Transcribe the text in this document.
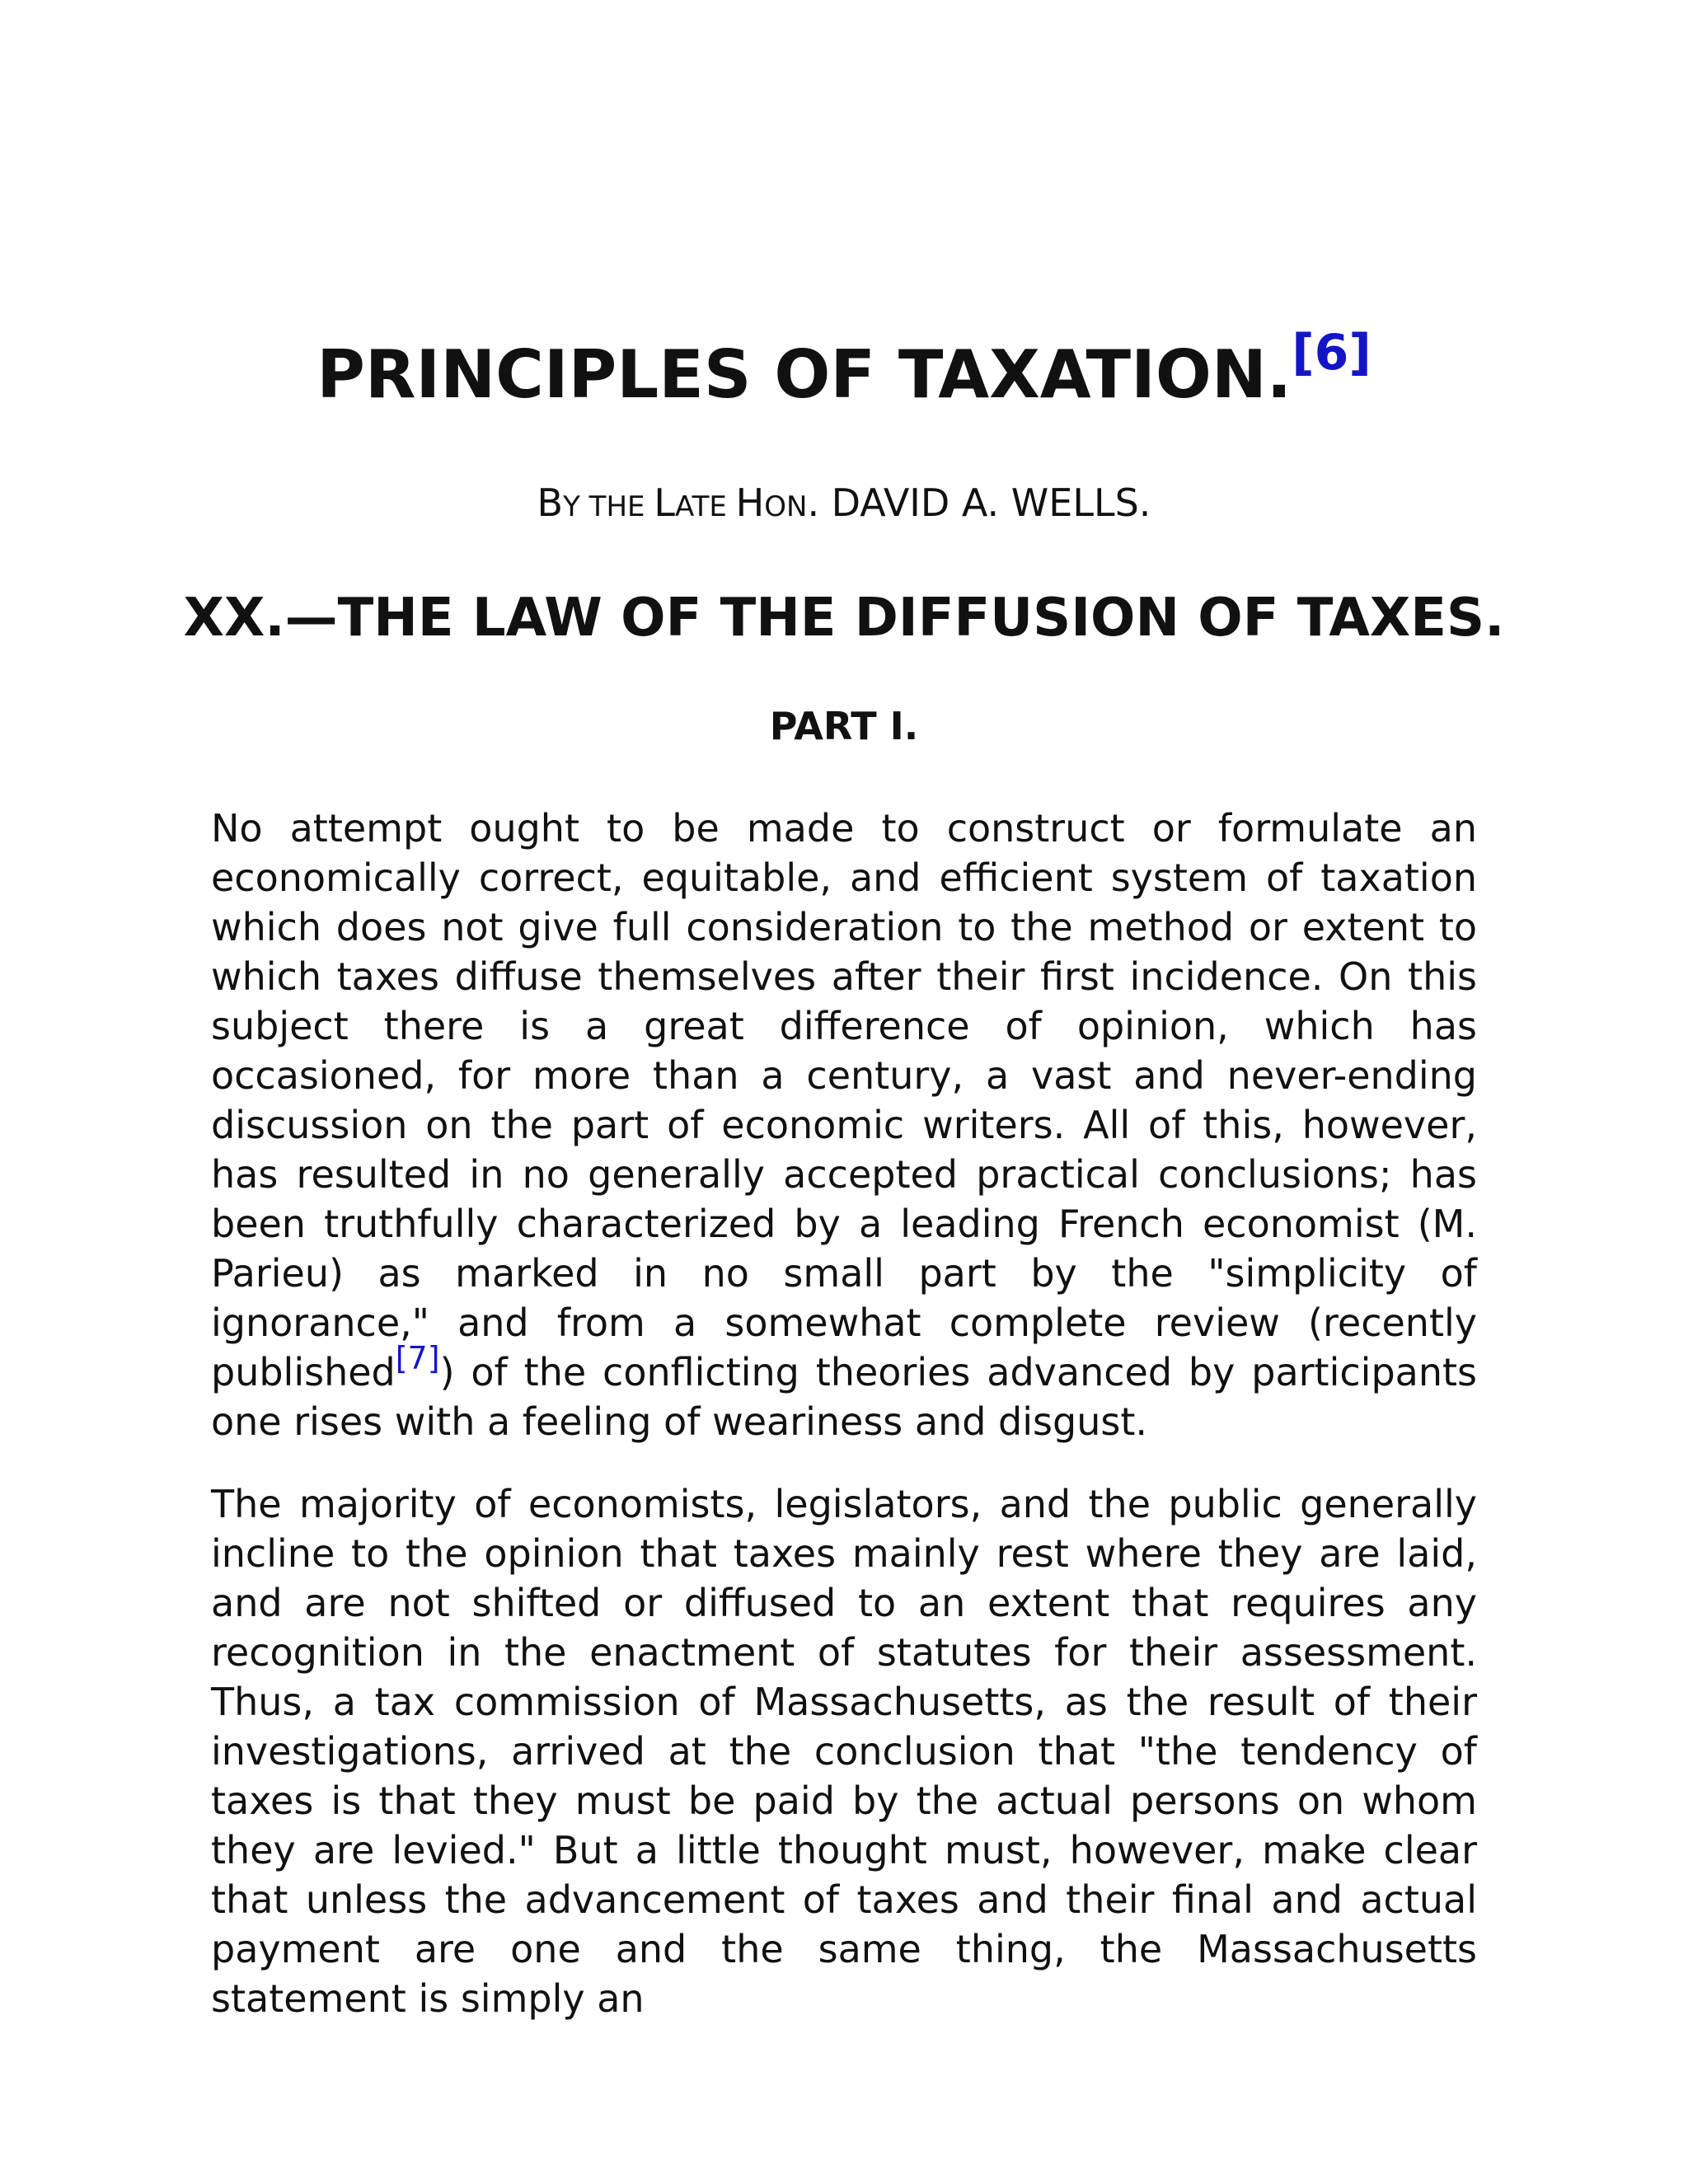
PRINCIPLES OF TAXATION.[6]

BY THE LATE HON. DAVID A. WELLS.

XX.—THE LAW OF THE DIFFUSION OF TAXES.
PART I.

No attempt ought to be made to construct or formulate an economically correct, equitable, and efficient system of taxation which does not give full consideration to the method or extent to which taxes diffuse themselves after their first incidence. On this subject there is a great difference of opinion, which has occasioned, for more than a century, a vast and never-ending discussion on the part of economic writers. All of this, however, has resulted in no generally accepted practical conclusions; has been truthfully characterized by a leading French economist (M. Parieu) as marked in no small part by the "simplicity of ignorance," and from a somewhat complete review (recently published[7]) of the conflicting theories advanced by participants one rises with a feeling of weariness and disgust.

The majority of economists, legislators, and the public generally incline to the opinion that taxes mainly rest where they are laid, and are not shifted or diffused to an extent that requires any recognition in the enactment of statutes for their assessment. Thus, a tax commission of Massachusetts, as the result of their investigations, arrived at the conclusion that "the tendency of taxes is that they must be paid by the actual persons on whom they are levied." But a little thought must, however, make clear that unless the advancement of taxes and their final and actual payment are one and the same thing, the Massachusetts statement is simply an
